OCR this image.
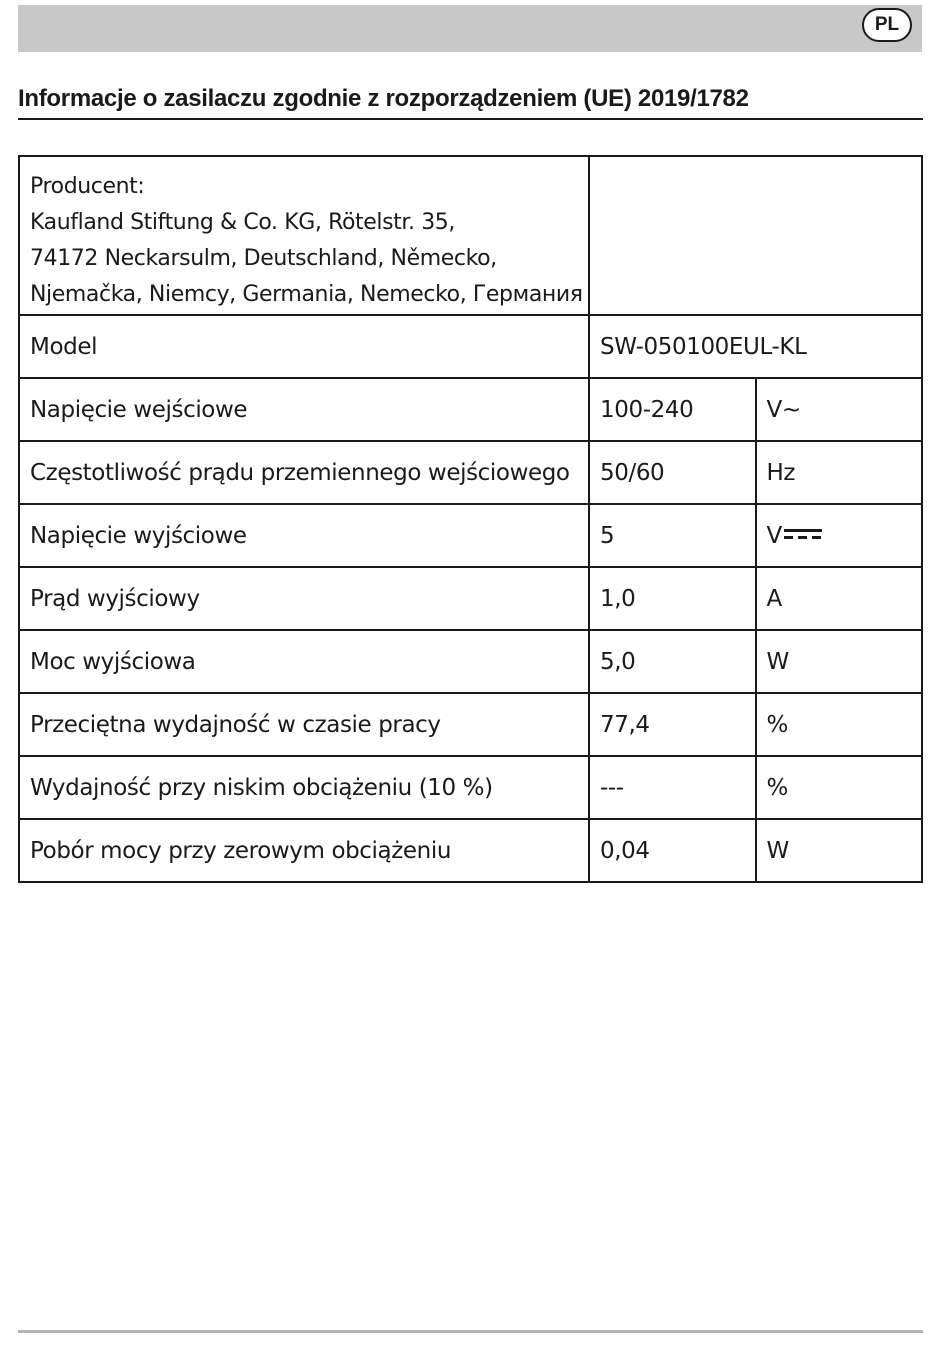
PL
Informacje o zasilaczu zgodnie z rozporządzeniem (UE) 2019/1782
Producent:
Kaufland Stiftung & Co. KG, Rötelstr. 35,
74172 Neckarsulm, Deutschland, Německo,
Njemačka, Niemcy, Germania, Nemecko, Германия		

Model	SW-050100EUL-KL	
Napięcie wejściowe	100-240	V~
Częstotliwość prądu przemiennego wejściowego	50/60	Hz
Napięcie wyjściowe	5	V

Prąd wyjściowy	1,0	A
Moc wyjściowa	5,0	W
Przeciętna wydajność w czasie pracy	77,4	%
Wydajność przy niskim obciążeniu (10 %)	---	%
Pobór mocy przy zerowym obciążeniu	0,04	W
